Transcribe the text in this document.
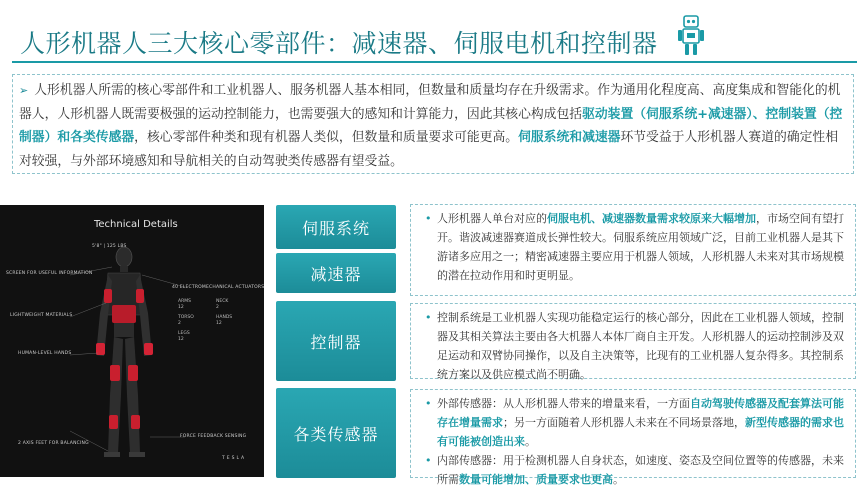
人形机器人三大核心零部件：减速器、伺服电机和控制器
➢ 人形机器人所需的核心零部件和工业机器人、服务机器人基本相同，但数量和质量均存在升级需求。作为通用化程度高、高度集成和智能化的机器人，人形机器人既需要极强的运动控制能力，也需要强大的感知和计算能力，因此其核心构成包括驱动装置（伺服系统+减速器）、控制装置（控制器）和各类传感器，核心零部件种类和现有机器人类似，但数量和质量要求可能更高。伺服系统和减速器环节受益于人形机器人赛道的确定性相对较强，与外部环境感知和导航相关的自动驾驶类传感器有望受益。
Technical Details
5'8" | 125 LBS
SCREEN FOR USEFUL INFORMATION
LIGHTWEIGHT MATERIALS
HUMAN-LEVEL HANDS
2 AXIS FEET FOR BALANCING
40 ELECTROMECHANICAL ACTUATORS
FORCE FEEDBACK SENSING
TESLA
ARMS
12
NECK
2
TORSO
2
HANDS
12
LEGS
12
伺服系统
减速器
控制器
各类传感器
• 人形机器人单台对应的伺服电机、减速器数量需求较原来大幅增加，市场空间有望打开。谐波减速器赛道成长弹性较大。伺服系统应用领域广泛，目前工业机器人是其下游诸多应用之一；精密减速器主要应用于机器人领域，人形机器人未来对其市场规模的潜在拉动作用和时更明显。
• 控制系统是工业机器人实现功能稳定运行的核心部分，因此在工业机器人领域，控制器及其相关算法主要由各大机器人本体厂商自主开发。人形机器人的运动控制涉及双足运动和双臂协同操作，以及自主决策等，比现有的工业机器人复杂得多。其控制系统方案以及供应模式尚不明确。
• 外部传感器：从人形机器人带来的增量来看，一方面自动驾驶传感器及配套算法可能存在增量需求；另一方面随着人形机器人未来在不同场景落地，新型传感器的需求也有可能被创造出来。
• 内部传感器：用于检测机器人自身状态，如速度、姿态及空间位置等的传感器，未来所需数量可能增加、质量要求也更高。
